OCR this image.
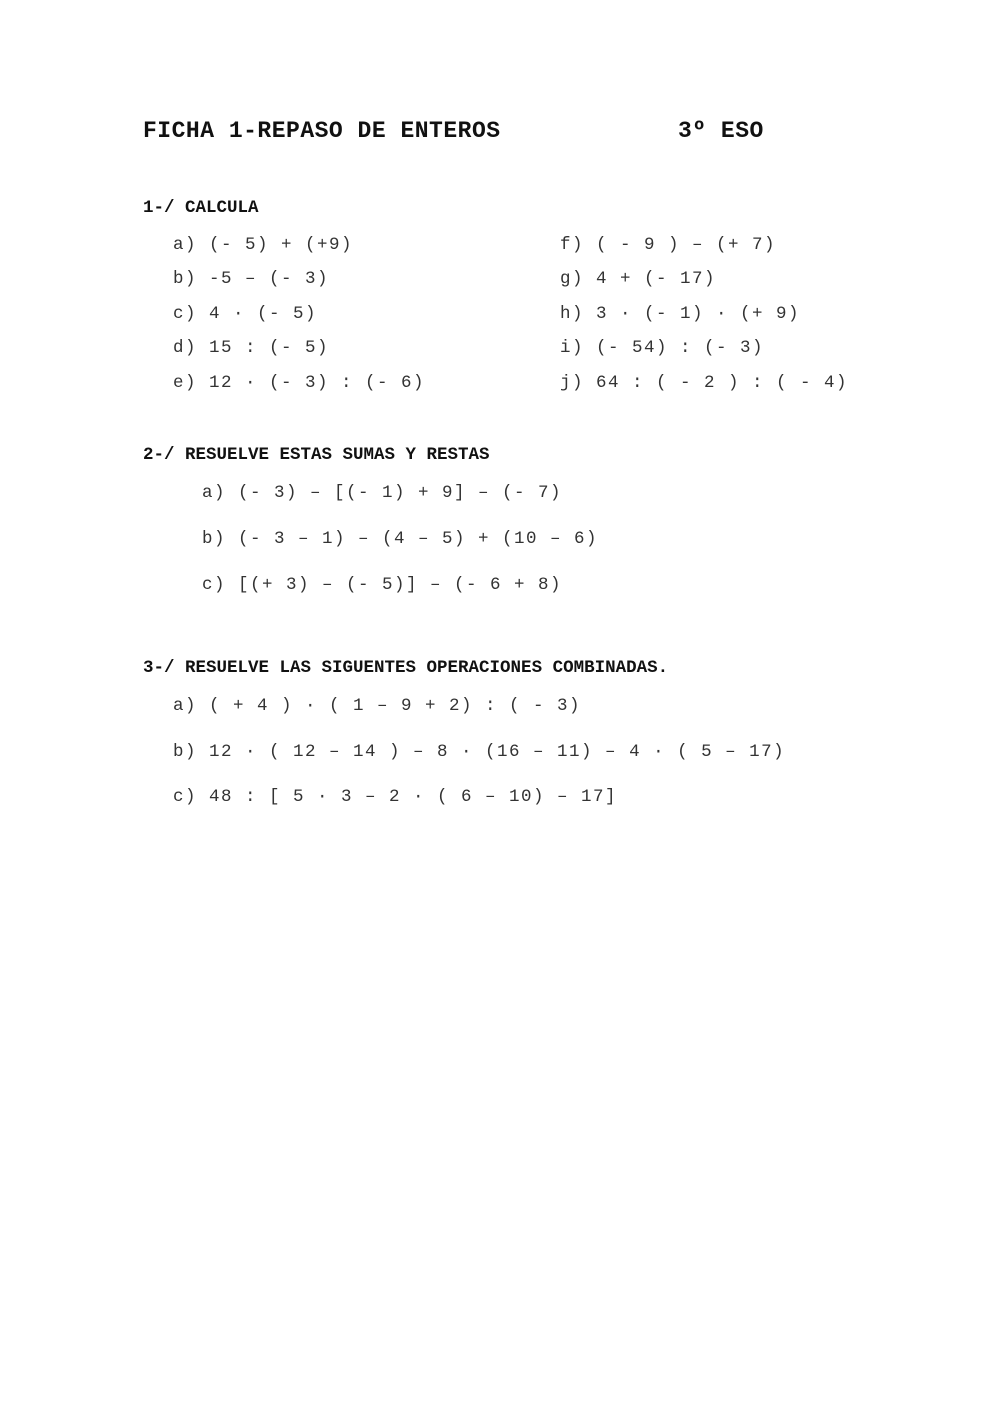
FICHA 1-REPASO DE ENTEROS	3º ESO
1-/ CALCULA
a) (- 5) + (+9)
b) -5 – (- 3)
c) 4 · (- 5)
d) 15 : (- 5)
e) 12 · (- 3) : (- 6)
f) ( - 9 ) – (+ 7)
g) 4 + (- 17)
h) 3 · (- 1) · (+ 9)
i) (- 54) : (- 3)
j) 64 : ( - 2 ) : ( - 4)
2-/ RESUELVE ESTAS SUMAS Y RESTAS
a) (- 3) – [(- 1) + 9] – (- 7)
b) (- 3 – 1) – (4 – 5) + (10 – 6)
c) [(+ 3) – (- 5)] – (- 6 + 8)
3-/ RESUELVE LAS SIGUENTES OPERACIONES COMBINADAS.
a) ( + 4 ) · ( 1 – 9 + 2) : ( - 3)
b) 12 · ( 12 – 14 ) – 8 · (16 – 11) – 4 · ( 5 – 17)
c) 48 : [ 5 · 3 – 2 · ( 6 – 10) – 17]
